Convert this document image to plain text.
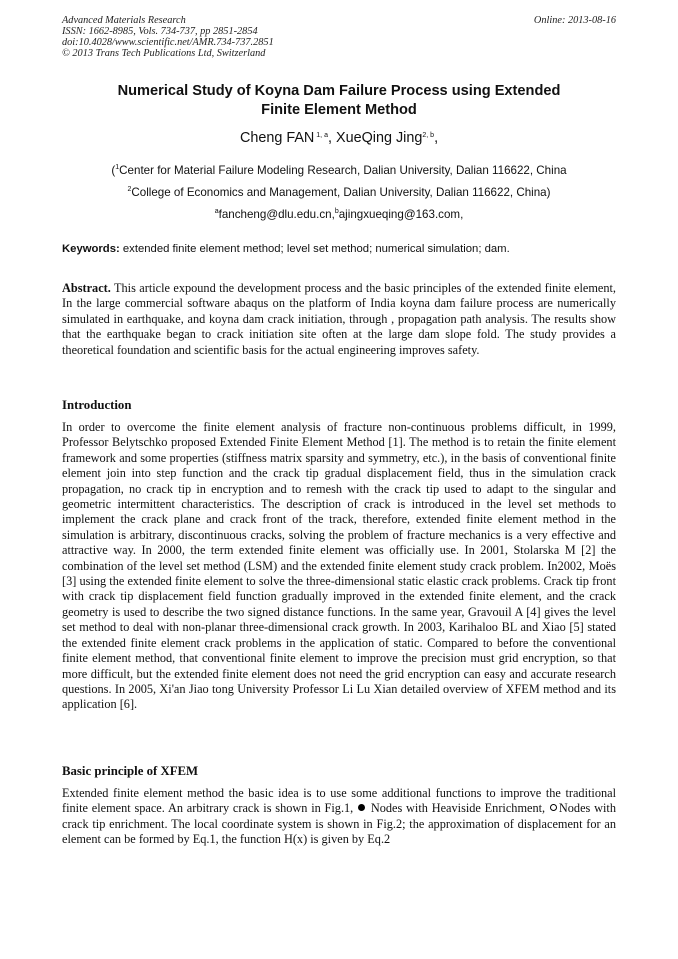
Advanced Materials Research
ISSN: 1662-8985, Vols. 734-737, pp 2851-2854
doi:10.4028/www.scientific.net/AMR.734-737.2851
© 2013 Trans Tech Publications Ltd, Switzerland
Online: 2013-08-16
Numerical Study of Koyna Dam Failure Process using Extended
Finite Element Method
Cheng FAN $^{1, a}$, XueQing Jing$^{2, b}$,
($^1$Center for Material Failure Modeling Research, Dalian University, Dalian 116622, China
$^2$College of Economics and Management, Dalian University, Dalian 116622, China)
$^a$fancheng@dlu.edu.cn,$^b$ajingxueqing@163.com,
Keywords: extended finite element method; level set method; numerical simulation; dam.
Abstract. This article expound the development process and the basic principles of the extended finite element, In the large commercial software abaqus on the platform of India koyna dam failure process are numerically simulated in earthquake, and koyna dam crack initiation, through , propagation path analysis. The results show that the earthquake began to crack initiation site often at the large dam slope fold. The study provides a theoretical foundation and scientific basis for the actual engineering improves safety.
Introduction
In order to overcome the finite element analysis of fracture non-continuous problems difficult, in 1999, Professor Belytschko proposed Extended Finite Element Method [1]. The method is to retain the finite element framework and some properties (stiffness matrix sparsity and symmetry, etc.), in the basis of conventional finite element join into step function and the crack tip gradual displacement field, thus in the simulation crack propagation, no crack tip in encryption and to remesh with the crack tip used to adapt to the singular and geometric intermittent characteristics. The description of crack is introduced in the level set methods to implement the crack plane and crack front of the track, therefore, extended finite element method in the simulation is arbitrary, discontinuous cracks, solving the problem of fracture mechanics is a very effective and attractive way. In 2000, the term extended finite element was officially use. In 2001, Stolarska M [2] the combination of the level set method (LSM) and the extended finite element study crack problem. In2002, Moës [3] using the extended finite element to solve the three-dimensional static elastic crack problems. Crack tip front with crack tip displacement field function gradually improved in the extended finite element, and the crack geometry is used to describe the two signed distance functions. In the same year, Gravouil A [4] gives the level set method to deal with non-planar three-dimensional crack growth. In 2003, Karihaloo BL and Xiao [5] stated the extended finite element crack problems in the application of static. Compared to before the conventional finite element method, that conventional finite element to improve the precision must grid encryption, so that more difficult, but the extended finite element does not need the grid encryption can easy and accurate research questions. In 2005, Xi'an Jiao tong University Professor Li Lu Xian detailed overview of XFEM method and its application [6].
Basic principle of XFEM
Extended finite element method the basic idea is to use some additional functions to improve the traditional finite element space. An arbitrary crack is shown in Fig.1, Nodes with Heaviside Enrichment, Nodes with crack tip enrichment. The local coordinate system is shown in Fig.2; the approximation of displacement for an element can be formed by Eq.1, the function H(x) is given by Eq.2
